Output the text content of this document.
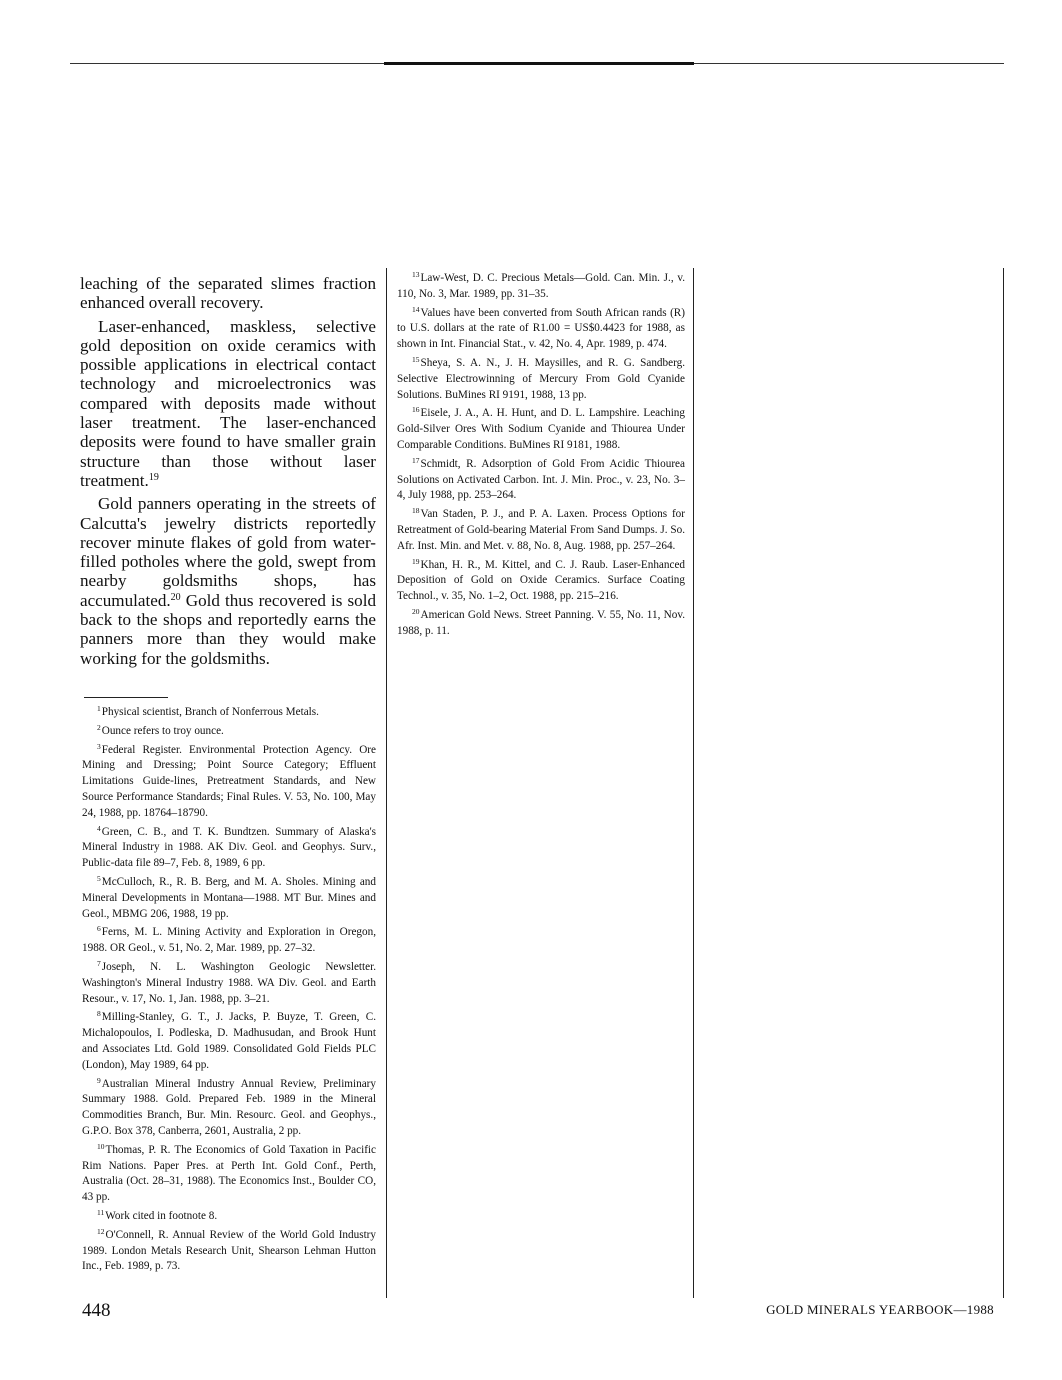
leaching of the separated slimes fraction enhanced overall recovery.

Laser-enhanced, maskless, selective gold deposition on oxide ceramics with possible applications in electrical contact technology and microelectronics was compared with deposits made without laser treatment. The laser-enchanced deposits were found to have smaller grain structure than those without laser treatment.$^{19}$

Gold panners operating in the streets of Calcutta's jewelry districts reportedly recover minute flakes of gold from water-filled potholes where the gold, swept from nearby goldsmiths shops, has accumulated.$^{20}$ Gold thus recovered is sold back to the shops and reportedly earns the panners more than they would make working for the goldsmiths.

$^1$Physical scientist, Branch of Nonferrous Metals.

$^2$Ounce refers to troy ounce.

$^3$Federal Register. Environmental Protection Agency. Ore Mining and Dressing; Point Source Category; Effluent Limitations Guide-lines, Pretreatment Standards, and New Source Performance Standards; Final Rules. V. 53, No. 100, May 24, 1988, pp. 18764–18790.

$^4$Green, C. B., and T. K. Bundtzen. Summary of Alaska's Mineral Industry in 1988. AK Div. Geol. and Geophys. Surv., Public-data file 89–7, Feb. 8, 1989, 6 pp.

$^5$McCulloch, R., R. B. Berg, and M. A. Sholes. Mining and Mineral Developments in Montana—1988. MT Bur. Mines and Geol., MBMG 206, 1988, 19 pp.

$^6$Ferns, M. L. Mining Activity and Exploration in Oregon, 1988. OR Geol., v. 51, No. 2, Mar. 1989, pp. 27–32.

$^7$Joseph, N. L. Washington Geologic Newsletter. Washington's Mineral Industry 1988. WA Div. Geol. and Earth Resour., v. 17, No. 1, Jan. 1988, pp. 3–21.

$^8$Milling-Stanley, G. T., J. Jacks, P. Buyze, T. Green, C. Michalopoulos, I. Podleska, D. Madhusudan, and Brook Hunt and Associates Ltd. Gold 1989. Consolidated Gold Fields PLC (London), May 1989, 64 pp.

$^9$Australian Mineral Industry Annual Review, Preliminary Summary 1988. Gold. Prepared Feb. 1989 in the Mineral Commodities Branch, Bur. Min. Resourc. Geol. and Geophys., G.P.O. Box 378, Canberra, 2601, Australia, 2 pp.

$^{10}$Thomas, P. R. The Economics of Gold Taxation in Pacific Rim Nations. Paper Pres. at Perth Int. Gold Conf., Perth, Australia (Oct. 28–31, 1988). The Economics Inst., Boulder CO, 43 pp.

$^{11}$Work cited in footnote 8.

$^{12}$O'Connell, R. Annual Review of the World Gold Industry 1989. London Metals Research Unit, Shearson Lehman Hutton Inc., Feb. 1989, p. 73.

$^{13}$Law-West, D. C. Precious Metals—Gold. Can. Min. J., v. 110, No. 3, Mar. 1989, pp. 31–35.

$^{14}$Values have been converted from South African rands (R) to U.S. dollars at the rate of R1.00 = US$0.4423 for 1988, as shown in Int. Financial Stat., v. 42, No. 4, Apr. 1989, p. 474.

$^{15}$Sheya, S. A. N., J. H. Maysilles, and R. G. Sandberg. Selective Electrowinning of Mercury From Gold Cyanide Solutions. BuMines RI 9191, 1988, 13 pp.

$^{16}$Eisele, J. A., A. H. Hunt, and D. L. Lampshire. Leaching Gold-Silver Ores With Sodium Cyanide and Thiourea Under Comparable Conditions. BuMines RI 9181, 1988.

$^{17}$Schmidt, R. Adsorption of Gold From Acidic Thiourea Solutions on Activated Carbon. Int. J. Min. Proc., v. 23, No. 3–4, July 1988, pp. 253–264.

$^{18}$Van Staden, P. J., and P. A. Laxen. Process Options for Retreatment of Gold-bearing Material From Sand Dumps. J. So. Afr. Inst. Min. and Met. v. 88, No. 8, Aug. 1988, pp. 257–264.

$^{19}$Khan, H. R., M. Kittel, and C. J. Raub. Laser-Enhanced Deposition of Gold on Oxide Ceramics. Surface Coating Technol., v. 35, No. 1–2, Oct. 1988, pp. 215–216.

$^{20}$American Gold News. Street Panning. V. 55, No. 11, Nov. 1988, p. 11.

448	GOLD MINERALS YEARBOOK—1988
